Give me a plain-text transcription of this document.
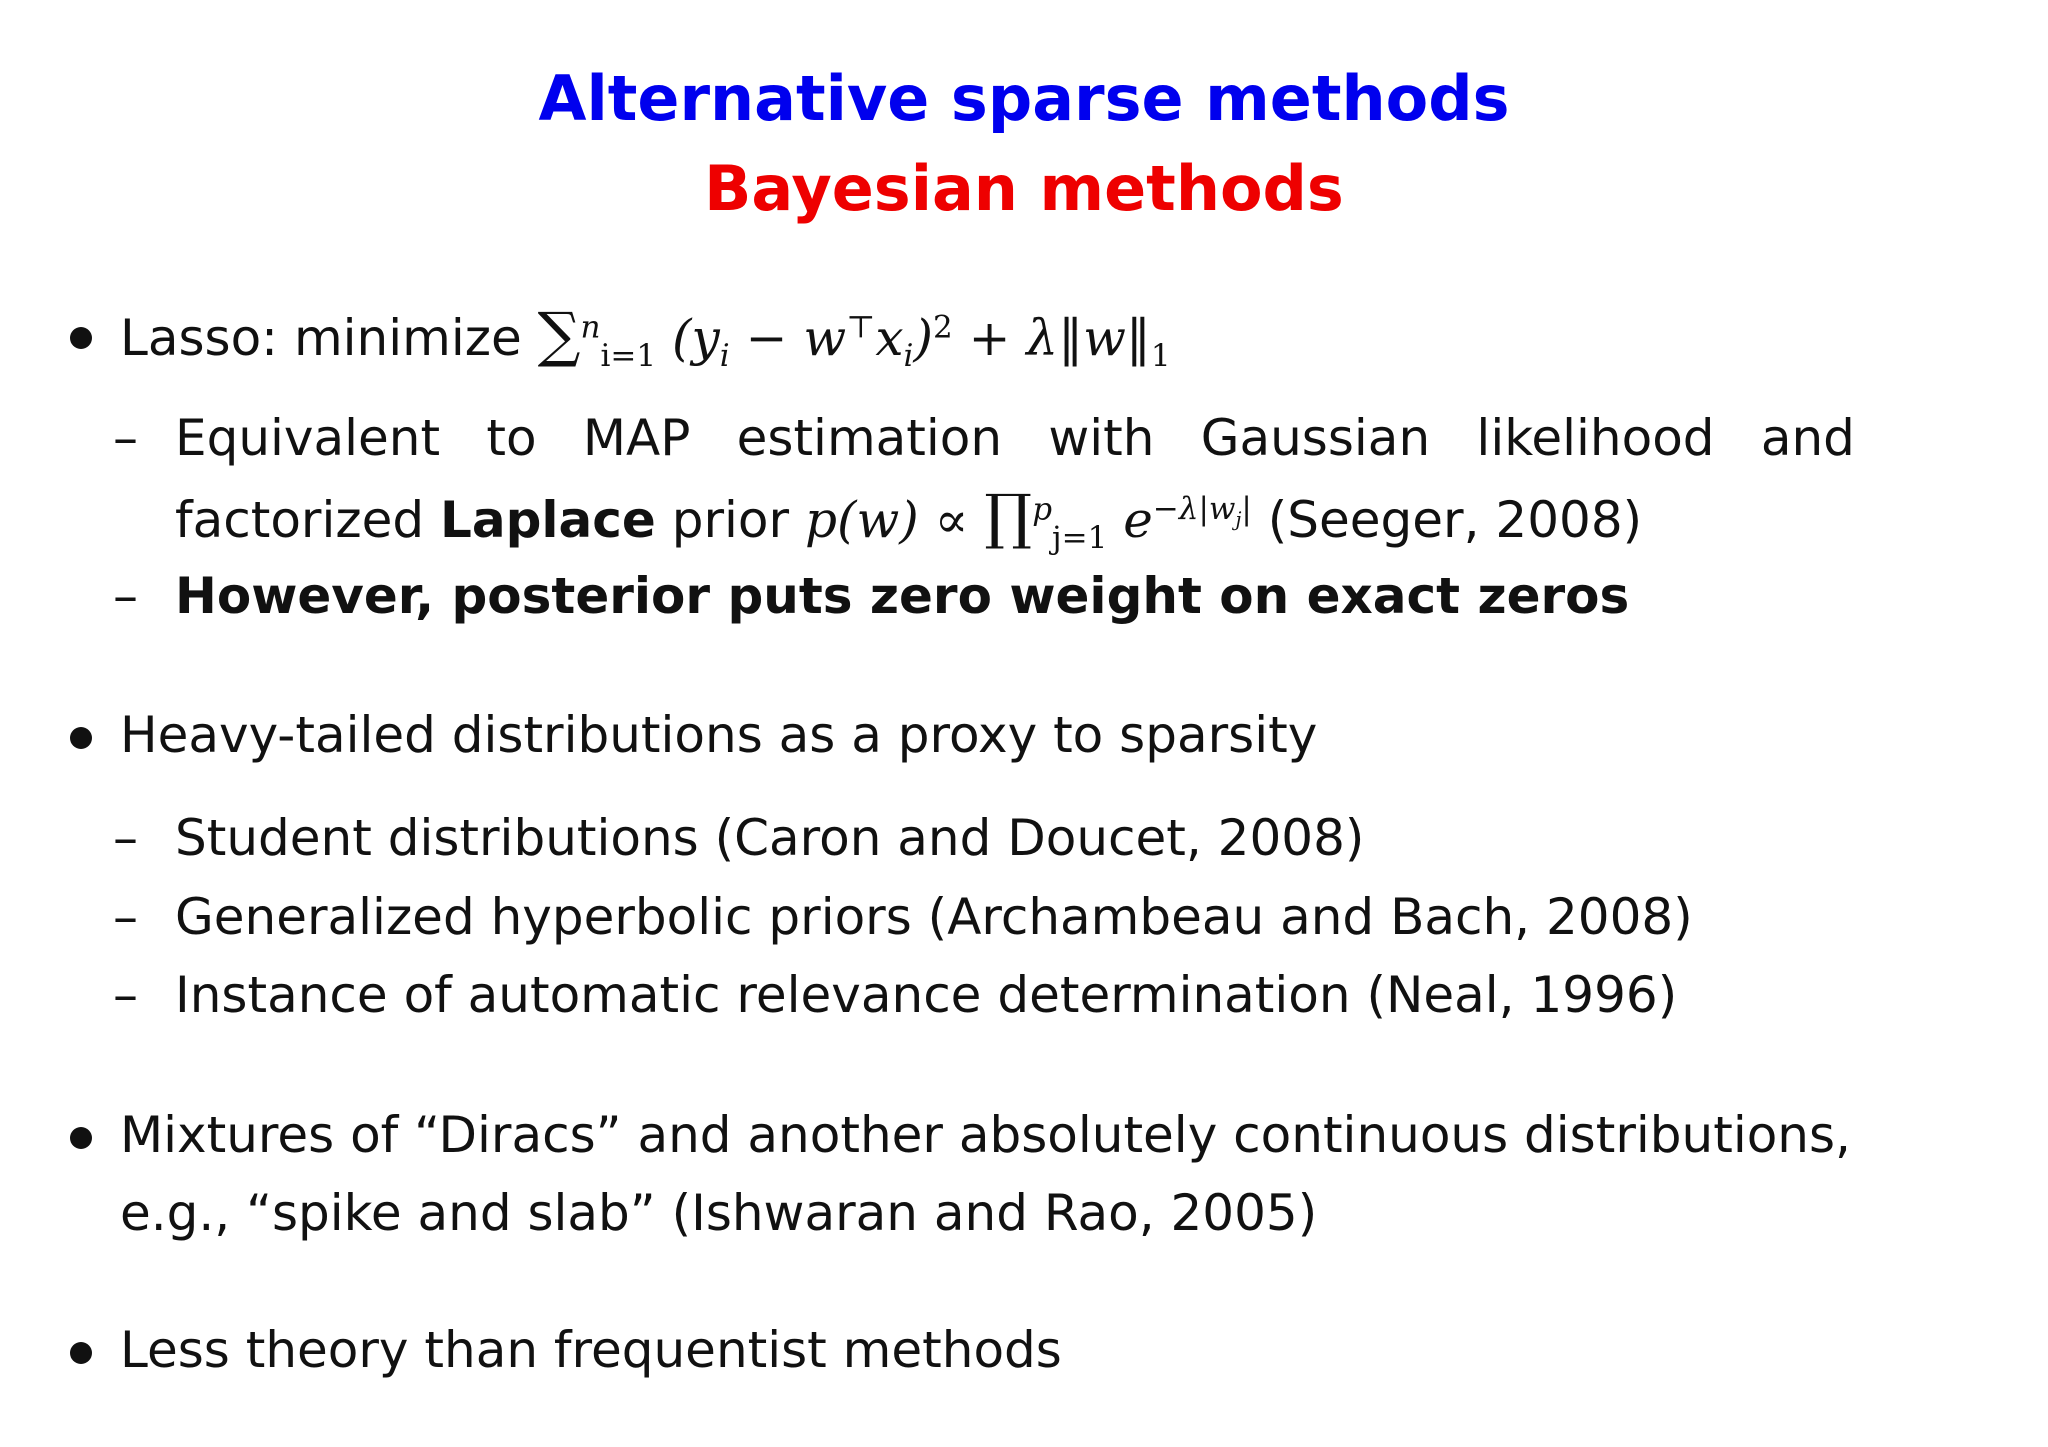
Alternative sparse methods
Bayesian methods
Lasso: minimize ∑$^n_{i=1}$ $(y_i - w^⊤x_i)^2$ + $\lambda‖w‖_1$
– Equivalent to MAP estimation with Gaussian likelihood and
factorized Laplace prior p(w) ∝ ∏$^p_{j=1}$ $e^{-\lambda|w_j|}$ (Seeger, 2008)
– However, posterior puts zero weight on exact zeros
Heavy-tailed distributions as a proxy to sparsity
– Student distributions (Caron and Doucet, 2008)
– Generalized hyperbolic priors (Archambeau and Bach, 2008)
– Instance of automatic relevance determination (Neal, 1996)
Mixtures of “Diracs” and another absolutely continuous distributions,
e.g., “spike and slab” (Ishwaran and Rao, 2005)
Less theory than frequentist methods
